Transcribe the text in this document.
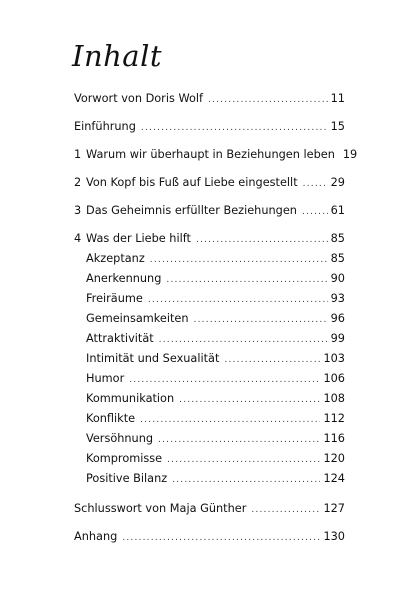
Inhalt
Vorwort von Doris Wolf .....	11
Einführung .....	15
1 Warum wir überhaupt in Beziehungen leben 19
2 Von Kopf bis Fuß auf Liebe eingestellt .....	29
3 Das Geheimnis erfüllter Beziehungen .....	61
4 Was der Liebe hilft .....	85
Akzeptanz .....	85
Anerkennung .....	90
Freiräume .....	93
Gemeinsamkeiten .....	96
Attraktivität .....	99
Intimität und Sexualität .....	103
Humor .....	106
Kommunikation .....	108
Konflikte .....	112
Versöhnung .....	116
Kompromisse .....	120
Positive Bilanz .....	124
Schlusswort von Maja Günther .....	127
Anhang .....	130
